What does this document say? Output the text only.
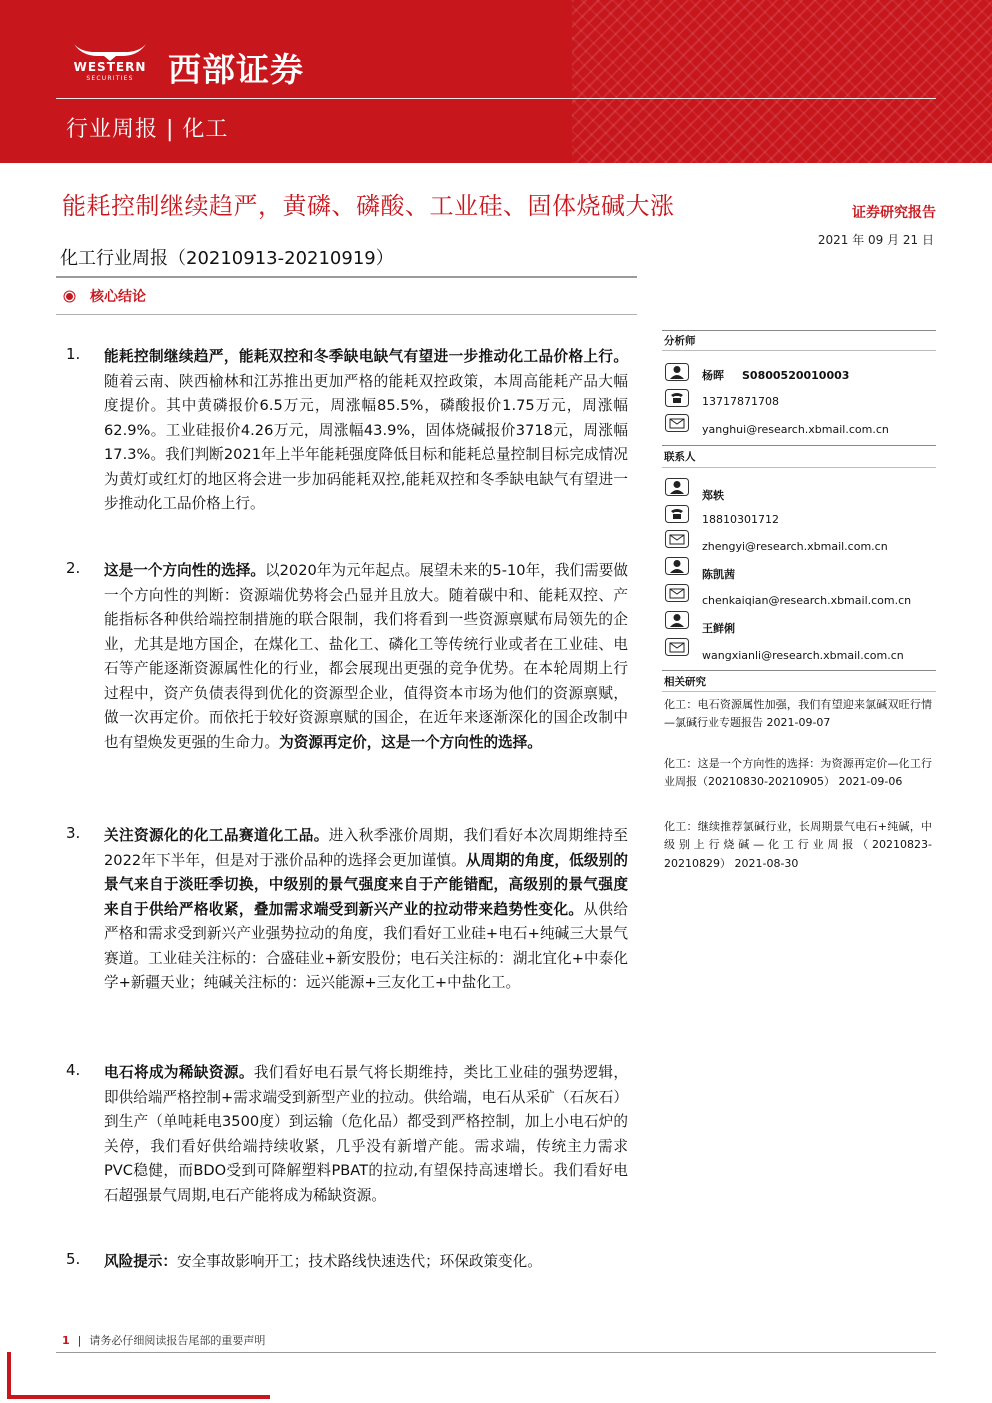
WESTERN
SECURITIES	西部证券
行业周报 | 化工
能耗控制继续趋严，黄磷、磷酸、工业硅、固体烧碱大涨	证券研究报告
2021 年 09 月 21 日
化工行业周报（20210913-20210919）
核心结论
1. 能耗控制继续趋严，能耗双控和冬季缺电缺气有望进一步推动化工品价格上行。随着云南、陕西榆林和江苏推出更加严格的能耗双控政策，本周高能耗产品大幅度提价。其中黄磷报价6.5万元，周涨幅85.5%，磷酸报价1.75万元，周涨幅62.9%。工业硅报价4.26万元，周涨幅43.9%，固体烧碱报价3718元，周涨幅17.3%。我们判断2021年上半年能耗强度降低目标和能耗总量控制目标完成情况为黄灯或红灯的地区将会进一步加码能耗双控,能耗双控和冬季缺电缺气有望进一步推动化工品价格上行。
2. 这是一个方向性的选择。以2020年为元年起点。展望未来的5-10年，我们需要做一个方向性的判断：资源端优势将会凸显并且放大。随着碳中和、能耗双控、产能指标各种供给端控制措施的联合限制，我们将看到一些资源禀赋布局领先的企业，尤其是地方国企，在煤化工、盐化工、磷化工等传统行业或者在工业硅、电石等产能逐渐资源属性化的行业，都会展现出更强的竞争优势。在本轮周期上行过程中，资产负债表得到优化的资源型企业，值得资本市场为他们的资源禀赋，做一次再定价。而依托于较好资源禀赋的国企，在近年来逐渐深化的国企改制中也有望焕发更强的生命力。为资源再定价，这是一个方向性的选择。
3. 关注资源化的化工品赛道化工品。进入秋季涨价周期，我们看好本次周期维持至2022年下半年，但是对于涨价品种的选择会更加谨慎。从周期的角度，低级别的景气来自于淡旺季切换，中级别的景气强度来自于产能错配，高级别的景气强度来自于供给严格收紧，叠加需求端受到新兴产业的拉动带来趋势性变化。从供给严格和需求受到新兴产业强势拉动的角度，我们看好工业硅+电石+纯碱三大景气赛道。工业硅关注标的：合盛硅业+新安股份；电石关注标的：湖北宜化+中泰化学+新疆天业；纯碱关注标的：远兴能源+三友化工+中盐化工。
4. 电石将成为稀缺资源。我们看好电石景气将长期维持，类比工业硅的强势逻辑，即供给端严格控制+需求端受到新型产业的拉动。供给端，电石从采矿（石灰石）到生产（单吨耗电3500度）到运输（危化品）都受到严格控制，加上小电石炉的关停，我们看好供给端持续收紧，几乎没有新增产能。需求端，传统主力需求PVC稳健，而BDO受到可降解塑料PBAT的拉动,有望保持高速增长。我们看好电石超强景气周期,电石产能将成为稀缺资源。
5. 风险提示：安全事故影响开工；技术路线快速迭代；环保政策变化。
分析师
杨晖 S0800520010003
13717871708
yanghui@research.xbmail.com.cn
联系人
郑轶
18810301712
zhengyi@research.xbmail.com.cn
陈凯茜
chenkaiqian@research.xbmail.com.cn
王鲜俐
wangxianli@research.xbmail.com.cn
相关研究
化工：电石资源属性加强，我们有望迎来氯碱双旺行情—氯碱行业专题报告 2021-09-07
化工：这是一个方向性的选择：为资源再定价—化工行业周报（20210830-20210905） 2021-09-06
化工：继续推荐氯碱行业，长周期景气电石+纯碱，中级别上行烧碱—化工行业周报（20210823-20210829） 2021-08-30
1 | 请务必仔细阅读报告尾部的重要声明
